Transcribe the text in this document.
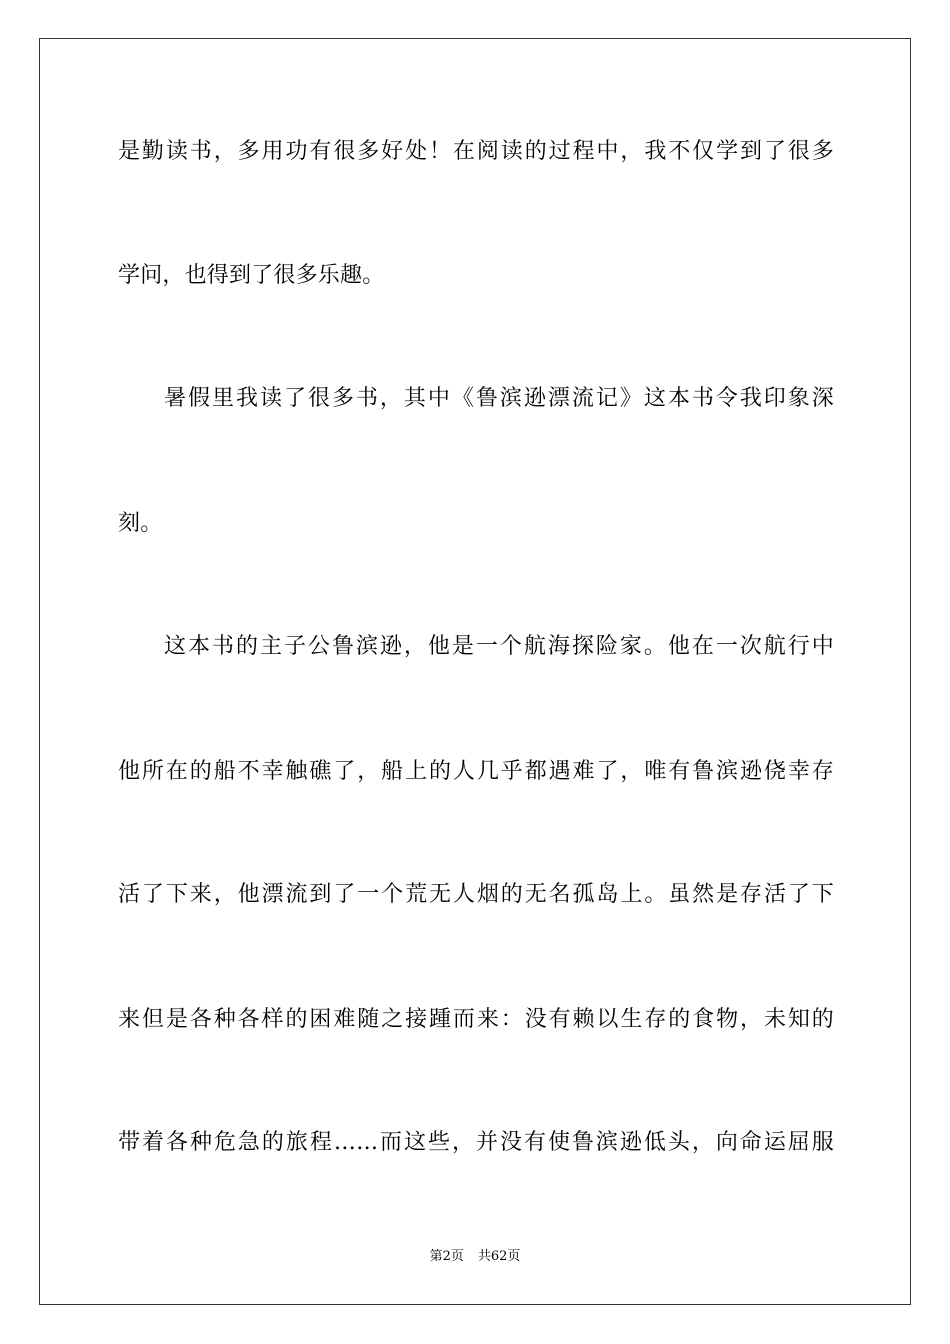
是勤读书，多用功有很多好处！在阅读的过程中，我不仅学到了很多
学问，也得到了很多乐趣。
暑假里我读了很多书，其中《鲁滨逊漂流记》这本书令我印象深
刻。
这本书的主子公鲁滨逊，他是一个航海探险家。他在一次航行中
他所在的船不幸触礁了，船上的人几乎都遇难了，唯有鲁滨逊侥幸存
活了下来，他漂流到了一个荒无人烟的无名孤岛上。虽然是存活了下
来但是各种各样的困难随之接踵而来：没有赖以生存的食物，未知的
带着各种危急的旅程……而这些，并没有使鲁滨逊低头，向命运屈服
第2页 共62页
